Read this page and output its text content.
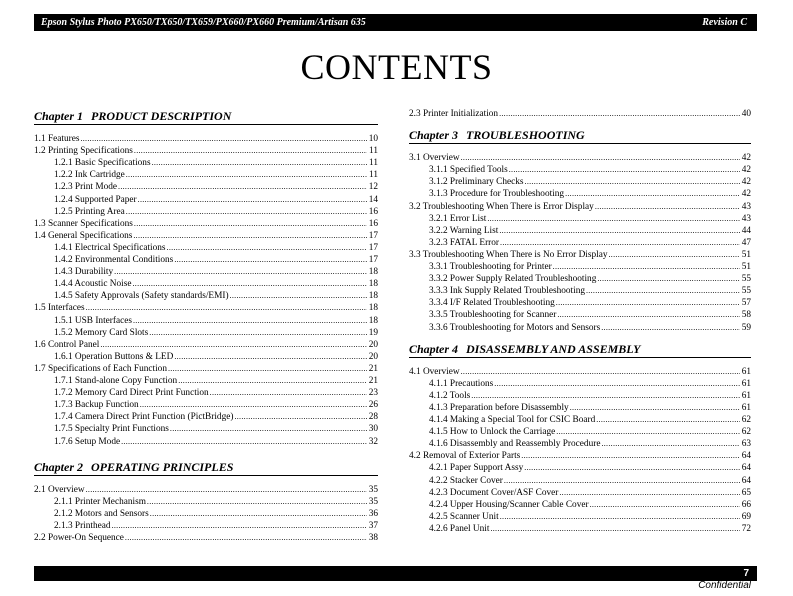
Epson Stylus Photo PX650/TX650/TX659/PX660/PX660 Premium/Artisan 635	Revision C
CONTENTS
Chapter 1 PRODUCT DESCRIPTION
1.1 Features .....	10
1.2 Printing Specifications .....	11
1.2.1 Basic Specifications .....	11
1.2.2 Ink Cartridge .....	11
1.2.3 Print Mode .....	12
1.2.4 Supported Paper .....	14
1.2.5 Printing Area .....	16
1.3 Scanner Specifications .....	16
1.4 General Specifications .....	17
1.4.1 Electrical Specifications .....	17
1.4.2 Environmental Conditions .....	17
1.4.3 Durability .....	18
1.4.4 Acoustic Noise .....	18
1.4.5 Safety Approvals (Safety standards/EMI) .....	18
1.5 Interfaces .....	18
1.5.1 USB Interfaces .....	18
1.5.2 Memory Card Slots .....	19
1.6 Control Panel .....	20
1.6.1 Operation Buttons & LED .....	20
1.7 Specifications of Each Function .....	21
1.7.1 Stand-alone Copy Function .....	21
1.7.2 Memory Card Direct Print Function .....	23
1.7.3 Backup Function .....	26
1.7.4 Camera Direct Print Function (PictBridge) .....	28
1.7.5 Specialty Print Functions .....	30
1.7.6 Setup Mode .....	32
Chapter 2 OPERATING PRINCIPLES
2.1 Overview .....	35
2.1.1 Printer Mechanism .....	35
2.1.2 Motors and Sensors .....	36
2.1.3 Printhead .....	37
2.2 Power-On Sequence .....	38
2.3 Printer Initialization .....	40
Chapter 3 TROUBLESHOOTING
3.1 Overview .....	42
3.1.1 Specified Tools .....	42
3.1.2 Preliminary Checks .....	42
3.1.3 Procedure for Troubleshooting .....	42
3.2 Troubleshooting When There is Error Display .....	43
3.2.1 Error List .....	43
3.2.2 Warning List .....	44
3.2.3 FATAL Error .....	47
3.3 Troubleshooting When There is No Error Display .....	51
3.3.1 Troubleshooting for Printer .....	51
3.3.2 Power Supply Related Troubleshooting .....	55
3.3.3 Ink Supply Related Troubleshooting .....	55
3.3.4 I/F Related Troubleshooting .....	57
3.3.5 Troubleshooting for Scanner .....	58
3.3.6 Troubleshooting for Motors and Sensors .....	59
Chapter 4 DISASSEMBLY AND ASSEMBLY
4.1 Overview .....	61
4.1.1 Precautions .....	61
4.1.2 Tools .....	61
4.1.3 Preparation before Disassembly .....	61
4.1.4 Making a Special Tool for CSIC Board .....	62
4.1.5 How to Unlock the Carriage .....	62
4.1.6 Disassembly and Reassembly Procedure .....	63
4.2 Removal of Exterior Parts .....	64
4.2.1 Paper Support Assy .....	64
4.2.2 Stacker Cover .....	64
4.2.3 Document Cover/ASF Cover .....	65
4.2.4 Upper Housing/Scanner Cable Cover .....	66
4.2.5 Scanner Unit .....	69
4.2.6 Panel Unit .....	72
7
Confidential
